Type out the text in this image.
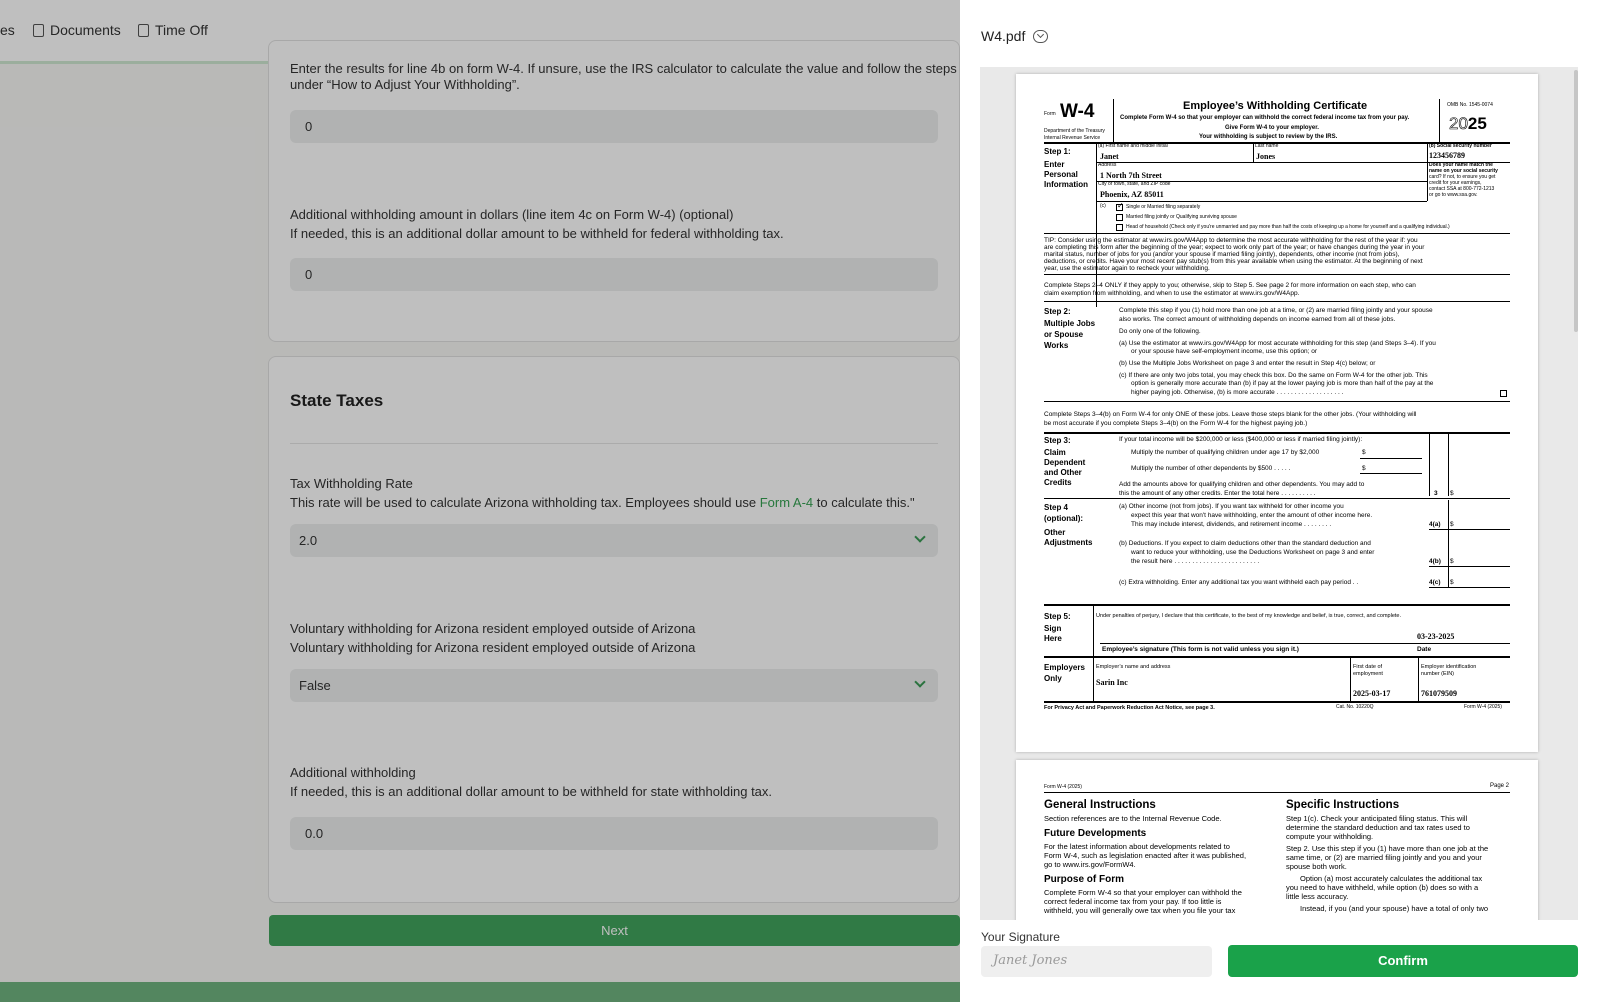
es	Documents Time Off
Enter the results for line 4b on form W-4. If unsure, use the IRS calculator to calculate the value and follow the steps
under “How to Adjust Your Withholding”.
0
Additional withholding amount in dollars (line item 4c on Form W-4) (optional)
If needed, this is an additional dollar amount to be withheld for federal withholding tax.
0
State Taxes
Tax Withholding Rate
This rate will be used to calculate Arizona withholding tax. Employees should use Form A-4 to calculate this."
2.0
Voluntary withholding for Arizona resident employed outside of Arizona
Voluntary withholding for Arizona resident employed outside of Arizona
False
Additional withholding
If needed, this is an additional dollar amount to be withheld for state withholding tax.
0.0
Next
W4.pdf
Form W-4
Department of the Treasury
Internal Revenue Service
Employee’s Withholding Certificate
Complete Form W-4 so that your employer can withhold the correct federal income tax from your pay.
Give Form W-4 to your employer.
Your withholding is subject to review by the IRS.
OMB No. 1545-0074
2025
Step 1:
Enter
Personal
Information
(a) First name and middle initial	Last name	(b) Social security number
Janet	Jones	123456789
Address
1 North 7th Street
City or town, state, and ZIP code
Phoenix, AZ 85011
Does your name match the
name on your social security
card? If not, to ensure you get
credit for your earnings,
contact SSA at 800-772-1213
or go to www.ssa.gov.
(c)
✓	Single or Married filing separately
Married filing jointly or Qualifying surviving spouse
Head of household (Check only if you're unmarried and pay more than half the costs of keeping up a home for yourself and a qualifying individual.)
TIP: Consider using the estimator at www.irs.gov/W4App to determine the most accurate withholding for the rest of the year if: you
are completing this form after the beginning of the year; expect to work only part of the year; or have changes during the year in your
marital status, number of jobs for you (and/or your spouse if married filing jointly), dependents, other income (not from jobs),
deductions, or credits. Have your most recent pay stub(s) from this year available when using the estimator. At the beginning of next
year, use the estimator again to recheck your withholding.
Complete Steps 2–4 ONLY if they apply to you; otherwise, skip to Step 5. See page 2 for more information on each step, who can
claim exemption from withholding, and when to use the estimator at www.irs.gov/W4App.
Step 2:
Multiple Jobs
or Spouse
Works
Complete this step if you (1) hold more than one job at a time, or (2) are married filing jointly and your spouse
also works. The correct amount of withholding depends on income earned from all of these jobs.
Do only one of the following.
(a) Use the estimator at www.irs.gov/W4App for most accurate withholding for this step (and Steps 3–4). If you
or your spouse have self-employment income, use this option; or
(b) Use the Multiple Jobs Worksheet on page 3 and enter the result in Step 4(c) below; or
(c) If there are only two jobs total, you may check this box. Do the same on Form W-4 for the other job. This
option is generally more accurate than (b) if pay at the lower paying job is more than half of the pay at the
higher paying job. Otherwise, (b) is more accurate . . . . . . . . . . . . . . . . . . .
Complete Steps 3–4(b) on Form W-4 for only ONE of these jobs. Leave those steps blank for the other jobs. (Your withholding will
be most accurate if you complete Steps 3–4(b) on the Form W-4 for the highest paying job.)
Step 3:
Claim
Dependent
and Other
Credits
If your total income will be $200,000 or less ($400,000 or less if married filing jointly):
Multiply the number of qualifying children under age 17 by $2,000	$
Multiply the number of other dependents by $500 . . . . .	$
Add the amounts above for qualifying children and other dependents. You may add to
this the amount of any other credits. Enter the total here . . . . . . . . . .	3 $
Step 4
(optional):
Other
Adjustments
(a) Other income (not from jobs). If you want tax withheld for other income you
expect this year that won't have withholding, enter the amount of other income here.
This may include interest, dividends, and retirement income . . . . . . . .	4(a) $
(b) Deductions. If you expect to claim deductions other than the standard deduction and
want to reduce your withholding, use the Deductions Worksheet on page 3 and enter
the result here . . . . . . . . . . . . . . . . . . . . . . . .	4(b) $
(c) Extra withholding. Enter any additional tax you want withheld each pay period . .	4(c) $
Step 5:
Sign
Here
Under penalties of perjury, I declare that this certificate, to the best of my knowledge and belief, is true, correct, and complete.
03-23-2025
Employee’s signature (This form is not valid unless you sign it.)	Date
Employers
Only
Employer’s name and address
Sarin Inc
First date of
employment
2025-03-17
Employer identification
number (EIN)
761079509
For Privacy Act and Paperwork Reduction Act Notice, see page 3.	Cat. No. 10220Q	Form W-4 (2025)
Form W-4 (2025)	Page 2
General Instructions
Section references are to the Internal Revenue Code.
Future Developments
For the latest information about developments related to
Form W-4, such as legislation enacted after it was published,
go to www.irs.gov/FormW4.
Purpose of Form
Complete Form W-4 so that your employer can withhold the
correct federal income tax from your pay. If too little is
withheld, you will generally owe tax when you file your tax
Specific Instructions
Step 1(c). Check your anticipated filing status. This will
determine the standard deduction and tax rates used to
compute your withholding.
Step 2. Use this step if you (1) have more than one job at the
same time, or (2) are married filing jointly and you and your
spouse both work.
Option (a) most accurately calculates the additional tax
you need to have withheld, while option (b) does so with a
little less accuracy.
Instead, if you (and your spouse) have a total of only two
Your Signature
Janet Jones	Confirm
